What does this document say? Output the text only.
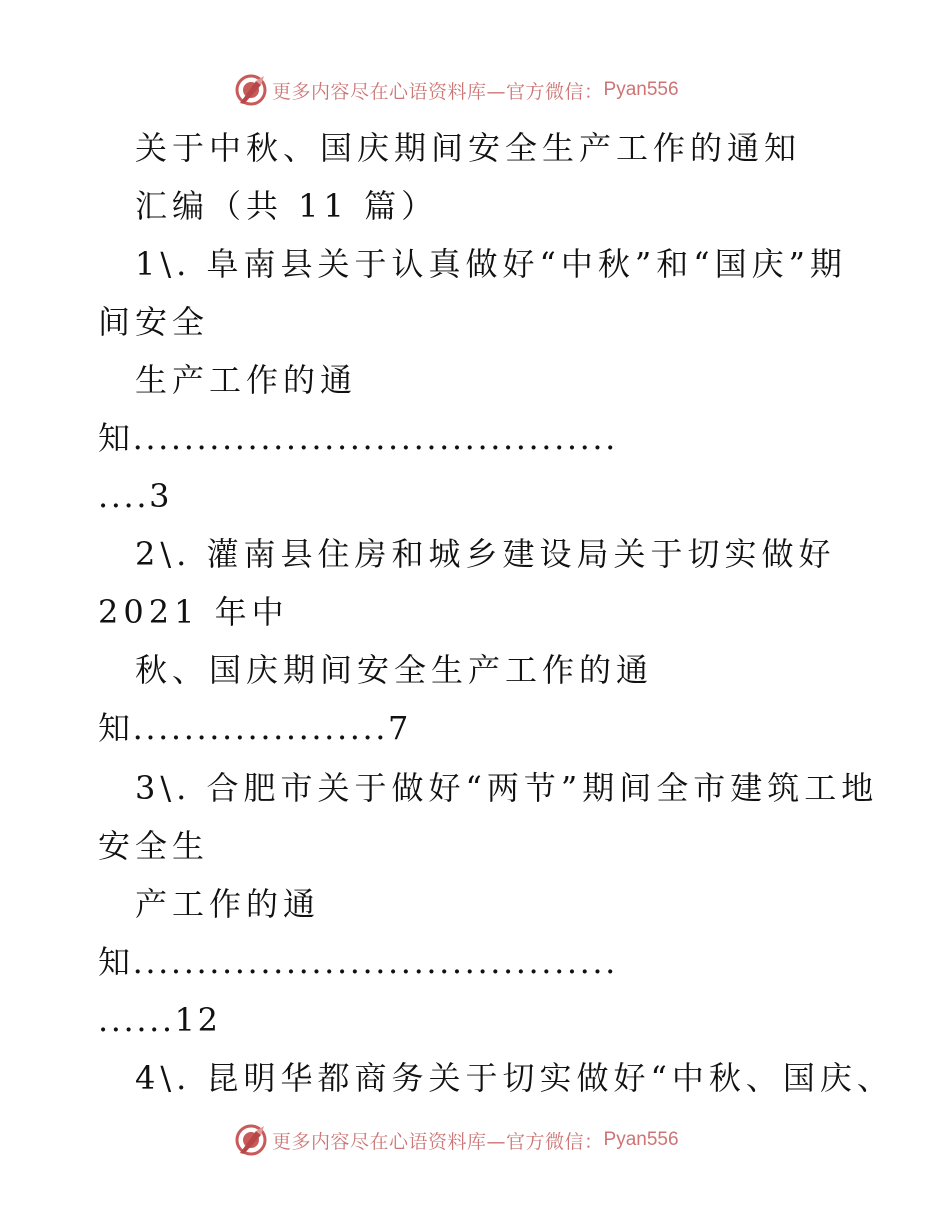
更多内容尽在心语资料库—官方微信： Pyan556
关于中秋、国庆期间安全生产工作的通知
汇编（共 11 篇）
1\. 阜南县关于认真做好“中秋”和“国庆”期
间安全
生产工作的通
知......................................
....3
2\. 灌南县住房和城乡建设局关于切实做好
2021 年中
秋、国庆期间安全生产工作的通
知....................7
3\. 合肥市关于做好“两节”期间全市建筑工地
安全生
产工作的通
知......................................
......12
4\. 昆明华都商务关于切实做好“中秋、国庆、
更多内容尽在心语资料库—官方微信： Pyan556
